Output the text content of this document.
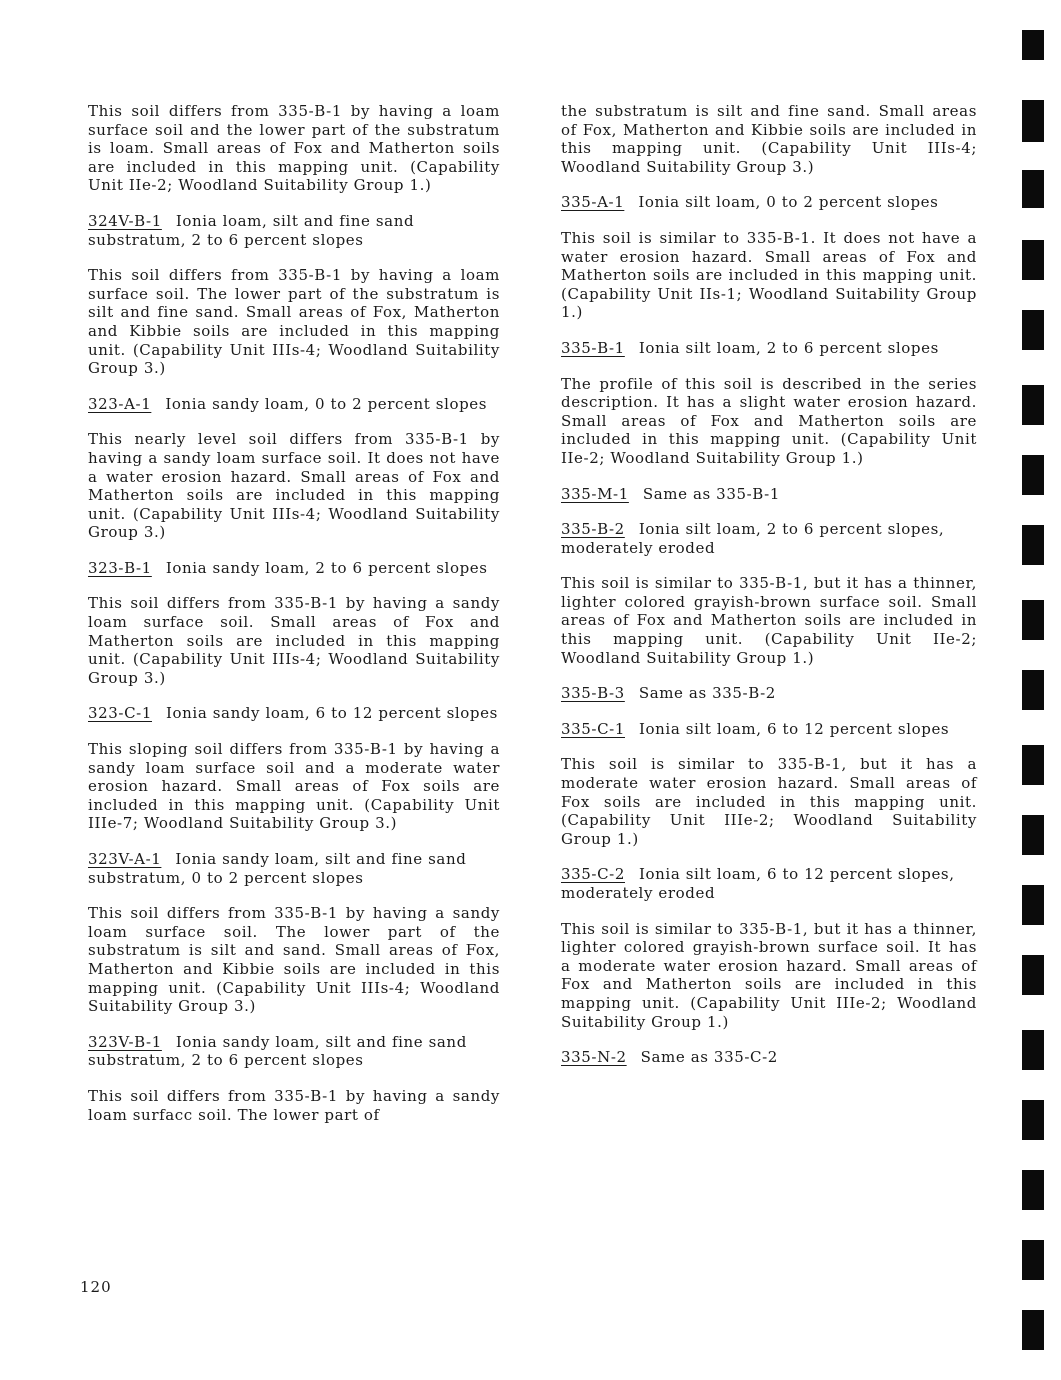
This soil differs from 335-B-1 by having a loam surface soil and the lower part of the substratum is loam. Small areas of Fox and Matherton soils are included in this mapping unit. (Capability Unit IIe-2; Woodland Suitability Group 1.)
324V-B-1 Ionia loam, silt and fine sand substratum, 2 to 6 percent slopes
This soil differs from 335-B-1 by having a loam surface soil. The lower part of the substratum is silt and fine sand. Small areas of Fox, Matherton and Kibbie soils are included in this mapping unit. (Capability Unit IIIs-4; Woodland Suitability Group 3.)
323-A-1 Ionia sandy loam, 0 to 2 percent slopes
This nearly level soil differs from 335-B-1 by having a sandy loam surface soil. It does not have a water erosion hazard. Small areas of Fox and Matherton soils are included in this mapping unit. (Capability Unit IIIs-4; Woodland Suitability Group 3.)
323-B-1 Ionia sandy loam, 2 to 6 percent slopes
This soil differs from 335-B-1 by having a sandy loam surface soil. Small areas of Fox and Matherton soils are included in this mapping unit. (Capability Unit IIIs-4; Woodland Suitability Group 3.)
323-C-1 Ionia sandy loam, 6 to 12 percent slopes
This sloping soil differs from 335-B-1 by having a sandy loam surface soil and a moderate water erosion hazard. Small areas of Fox soils are included in this mapping unit. (Capability Unit IIIe-7; Woodland Suitability Group 3.)
323V-A-1 Ionia sandy loam, silt and fine sand substratum, 0 to 2 percent slopes
This soil differs from 335-B-1 by having a sandy loam surface soil. The lower part of the substratum is silt and sand. Small areas of Fox, Matherton and Kibbie soils are included in this mapping unit. (Capability Unit IIIs-4; Woodland Suitability Group 3.)
323V-B-1 Ionia sandy loam, silt and fine sand substratum, 2 to 6 percent slopes
This soil differs from 335-B-1 by having a sandy loam surfacc soil. The lower part of
the substratum is silt and fine sand. Small areas of Fox, Matherton and Kibbie soils are included in this mapping unit. (Capability Unit IIIs-4; Woodland Suitability Group 3.)
335-A-1 Ionia silt loam, 0 to 2 percent slopes
This soil is similar to 335-B-1. It does not have a water erosion hazard. Small areas of Fox and Matherton soils are included in this mapping unit. (Capability Unit IIs-1; Woodland Suitability Group 1.)
335-B-1 Ionia silt loam, 2 to 6 percent slopes
The profile of this soil is described in the series description. It has a slight water erosion hazard. Small areas of Fox and Matherton soils are included in this mapping unit. (Capability Unit IIe-2; Woodland Suitability Group 1.)
335-M-1 Same as 335-B-1
335-B-2 Ionia silt loam, 2 to 6 percent slopes, moderately eroded
This soil is similar to 335-B-1, but it has a thinner, lighter colored grayish-brown surface soil. Small areas of Fox and Matherton soils are included in this mapping unit. (Capability Unit IIe-2; Woodland Suitability Group 1.)
335-B-3 Same as 335-B-2
335-C-1 Ionia silt loam, 6 to 12 percent slopes
This soil is similar to 335-B-1, but it has a moderate water erosion hazard. Small areas of Fox soils are included in this mapping unit. (Capability Unit IIIe-2; Woodland Suitability Group 1.)
335-C-2 Ionia silt loam, 6 to 12 percent slopes, moderately eroded
This soil is similar to 335-B-1, but it has a thinner, lighter colored grayish-brown surface soil. It has a moderate water erosion hazard. Small areas of Fox and Matherton soils are included in this mapping unit. (Capability Unit IIIe-2; Woodland Suitability Group 1.)
335-N-2 Same as 335-C-2
120
